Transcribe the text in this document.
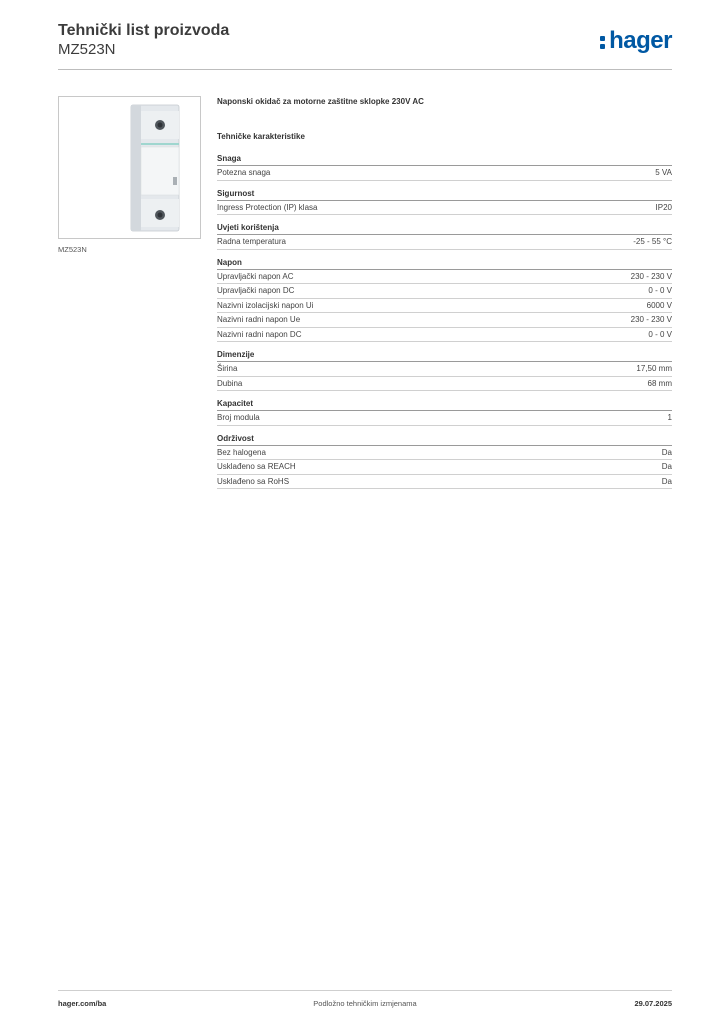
Tehnički list proizvoda
MZ523N	hager
MZ523N
Naponski okidač za motorne zaštitne sklopke 230V AC
Tehničke karakteristike
Snaga
Potezna snaga	5 VA
Sigurnost
Ingress Protection (IP) klasa	IP20
Uvjeti korištenja
Radna temperatura	-25 - 55 °C
Napon
Upravljački napon AC	230 - 230 V
Upravljački napon DC	0 - 0 V
Nazivni izolacijski napon Ui	6000 V
Nazivni radni napon Ue	230 - 230 V
Nazivni radni napon DC	0 - 0 V
Dimenzije
Širina	17,50 mm
Dubina	68 mm
Kapacitet
Broj modula	1
Održivost
Bez halogena	Da
Usklađeno sa REACH	Da
Usklađeno sa RoHS	Da
hager.com/ba	Podložno tehničkim izmjenama	29.07.2025
